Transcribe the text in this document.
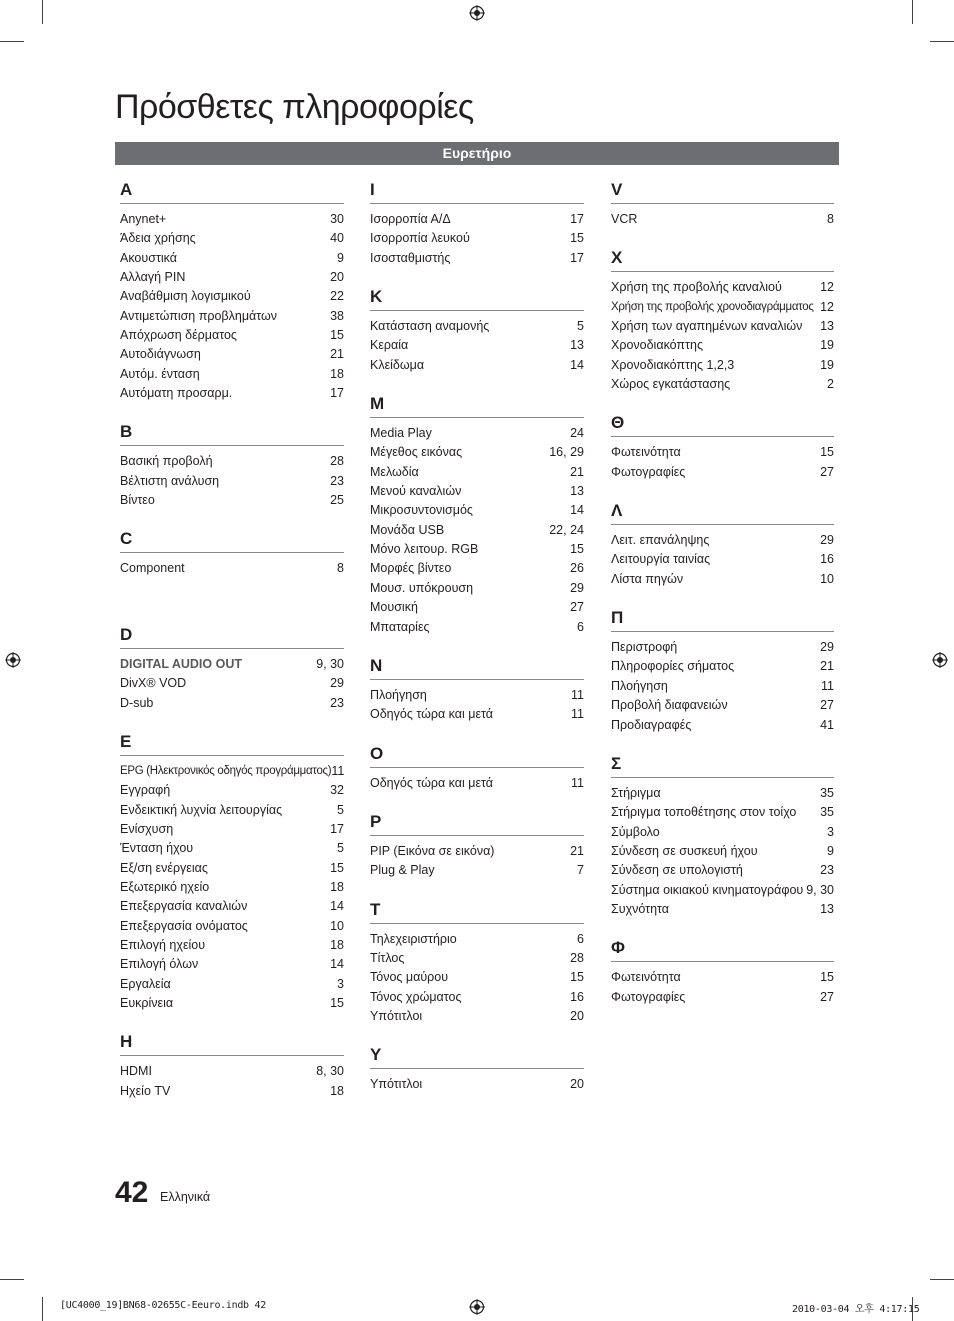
Πρόσθετες πληροφορίες
Ευρετήριο
A
Anynet+	30
Άδεια χρήσης	40
Ακουστικά	9
Αλλαγή PIN	20
Αναβάθμιση λογισμικού	22
Αντιμετώπιση προβλημάτων	38
Απόχρωση δέρματος	15
Αυτοδιάγνωση	21
Αυτόμ. ένταση	18
Αυτόματη προσαρμ.	17
B
Βασική προβολή	28
Βέλτιστη ανάλυση	23
Βίντεο	25
C
Component	8
D
DIGITAL AUDIO OUT	9, 30
DivX® VOD	29
D-sub	23
E
EPG (Ηλεκτρονικός οδηγός προγράμματος) 11
Εγγραφή	32
Ενδεικτική λυχνία λειτουργίας	5
Ενίσχυση	17
Ένταση ήχου	5
Εξ/ση ενέργειας	15
Εξωτερικό ηχείο	18
Επεξεργασία καναλιών	14
Επεξεργασία ονόματος	10
Επιλογή ηχείου	18
Επιλογή όλων	14
Εργαλεία	3
Ευκρίνεια	15
H
HDMI	8, 30
Ηχείο TV	18
I
Ισορροπία Α/Δ	17
Ισορροπία λευκού	15
Ισοσταθμιστής	17
K
Κατάσταση αναμονής	5
Κεραία	13
Κλείδωμα	14
M
Media Play	24
Μέγεθος εικόνας	16, 29
Μελωδία	21
Μενού καναλιών	13
Μικροσυντονισμός	14
Μονάδα USB	22, 24
Μόνο λειτουρ. RGB	15
Μορφές βίντεο	26
Μουσ. υπόκρουση	29
Μουσική	27
Μπαταρίες	6
N
Πλοήγηση	11
Οδηγός τώρα και μετά	11
O
Οδηγός τώρα και μετά	11
P
PIP (Εικόνα σε εικόνα)	21
Plug & Play	7
T
Τηλεχειριστήριο	6
Τίτλος	28
Τόνος μαύρου	15
Τόνος χρώματος	16
Υπότιτλοι	20
Y
Υπότιτλοι	20
V
VCR	8
X
Χρήση της προβολής καναλιού	12
Χρήση της προβολής χρονοδιαγράμματος 12
Χρήση των αγαπημένων καναλιών 13
Χρονοδιακόπτης	19
Χρονοδιακόπτης 1,2,3	19
Χώρος εγκατάστασης	2
Θ
Φωτεινότητα	15
Φωτογραφίες	27
Λ
Λειτ. επανάληψης	29
Λειτουργία ταινίας	16
Λίστα πηγών	10
Π
Περιστροφή	29
Πληροφορίες σήματος	21
Πλοήγηση	11
Προβολή διαφανειών	27
Προδιαγραφές	41
Σ
Στήριγμα	35
Στήριγμα τοποθέτησης στον τοίχο 35
Σύμβολο	3
Σύνδεση σε συσκευή ήχου	9
Σύνδεση σε υπολογιστή	23
Σύστημα οικιακού κινηματογράφου 9, 30
Συχνότητα	13
Φ
Φωτεινότητα	15
Φωτογραφίες	27
42 Ελληνικά
[UC4000_19]BN68-02655C-Eeuro.indb 42	2010-03-04 오후 4:17:15
